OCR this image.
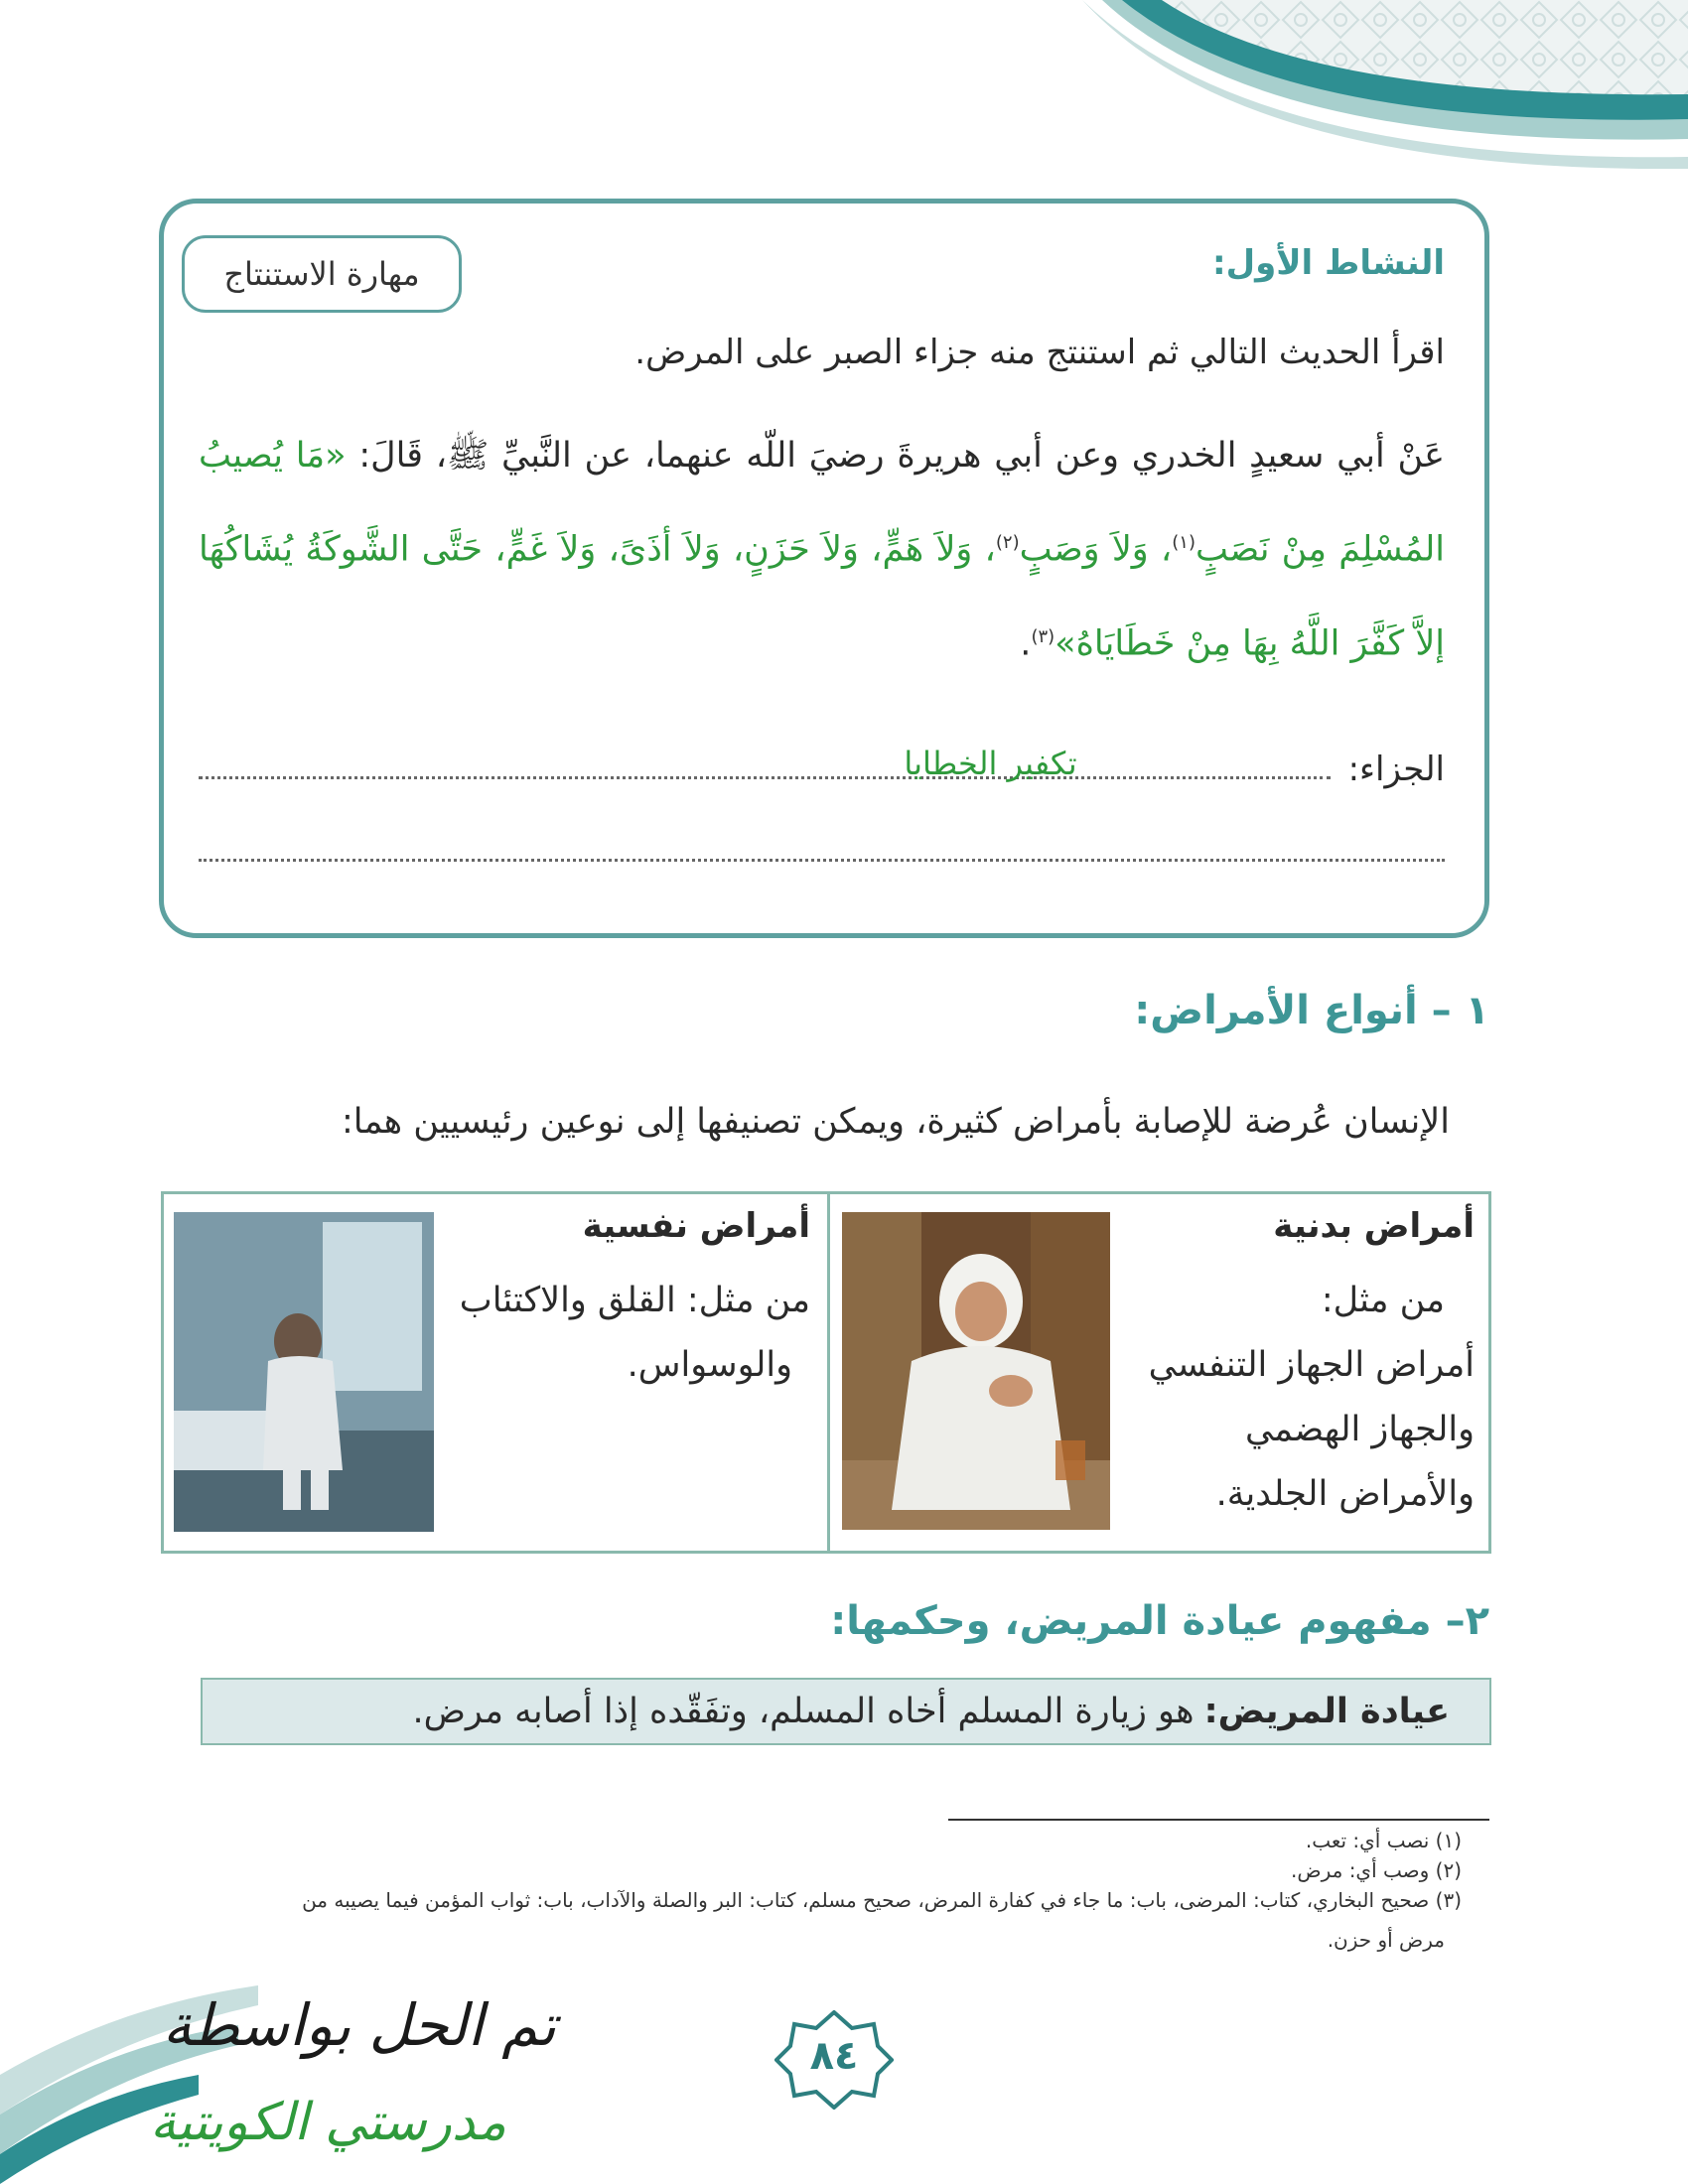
النشاط الأول:
مهارة الاستنتاج
اقرأ الحديث التالي ثم استنتج منه جزاء الصبر على المرض.
عَنْ أبي سعيدٍ الخدري وعن أبي هريرةَ رضيَ اللّه عنهما، عن النَّبيِّ ﷺ، قَالَ: «مَا يُصيبُ المُسْلِمَ مِنْ نَصَبٍ$^{(١)}$، وَلاَ وَصَبٍ$^{(٢)}$، وَلاَ هَمٍّ، وَلاَ حَزَنٍ، وَلاَ أذَىً، وَلاَ غَمٍّ، حَتَّى الشَّوكَةُ يُشَاكُهَا إلاَّ كَفَّرَ اللَّهُ بِهَا مِنْ خَطَايَاهُ»$^{(٣)}$.
الجزاء:
تكفير الخطايا
١ – أنواع الأمراض:
الإنسان عُرضة للإصابة بأمراض كثيرة، ويمكن تصنيفها إلى نوعين رئيسيين هما:
أمراض بدنية
من مثل:
أمراض الجهاز التنفسي
والجهاز الهضمي
والأمراض الجلدية.
أمراض نفسية
من مثل: القلق والاكتئاب
والوسواس.
٢– مفهوم عيادة المريض، وحكمها:
عيادة المريض:
هو زيارة المسلم أخاه المسلم، وتفَقّده إذا أصابه مرض.
(١) نصب أي: تعب.
(٢) وصب أي: مرض.
(٣) صحيح البخاري، كتاب: المرضى، باب: ما جاء في كفارة المرض، صحيح مسلم، كتاب: البر والصلة والآداب، باب: ثواب المؤمن فيما يصيبه من
مرض أو حزن.
٨٤
تم الحل بواسطة
مدرستي الكويتية
